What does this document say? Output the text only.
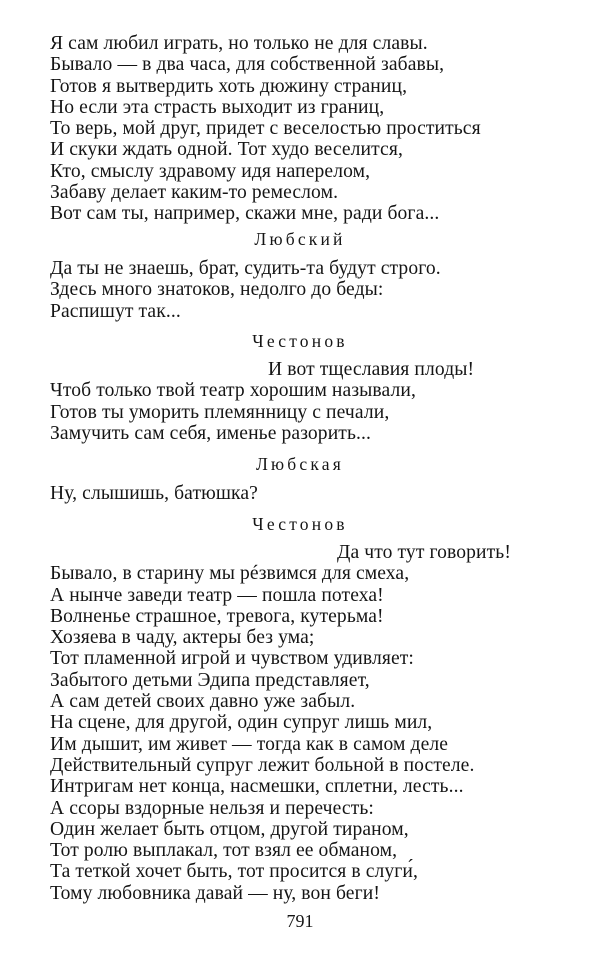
Я сам любил играть, но только не для славы.
Бывало — в два часа, для собственной забавы,
Готов я вытвердить хоть дюжину страниц,
Но если эта страсть выходит из границ,
То верь, мой друг, придет с веселостью проститься
И скуки ждать одной. Тот худо веселится,
Кто, смыслу здравому идя наперелом,
Забаву делает каким-то ремеслом.
Вот сам ты, например, скажи мне, ради бога...
Любский
Да ты не знаешь, брат, судить-та будут строго.
Здесь много знатоков, недолго до беды:
Распишут так...
Честонов
И вот тщеславия плоды!
Чтоб только твой театр хорошим называли,
Готов ты уморить племянницу с печали,
Замучить сам себя, именье разорить...
Любская
Ну, слышишь, батюшка?
Честонов
Да что тут говорить!
Бывало, в старину мы рéзвимся для смеха,
А нынче заведи театр — пошла потеха!
Волненье страшное, тревога, кутерьма!
Хозяева в чаду, актеры без ума;
Тот пламенной игрой и чувством удивляет:
Забытого детьми Эдипа представляет,
А сам детей своих давно уже забыл.
На сцене, для другой, один супруг лишь мил,
Им дышит, им живет — тогда как в самом деле
Действительный супруг лежит больной в постеле.
Интригам нет конца, насмешки, сплетни, лесть...
А ссоры вздорные нельзя и перечесть:
Один желает быть отцом, другой тираном,
Тот ролю выплакал, тот взял ее обманом,
Та теткой хочет быть, тот просится в слуги́,
Тому любовника давай — ну, вон беги!
791
